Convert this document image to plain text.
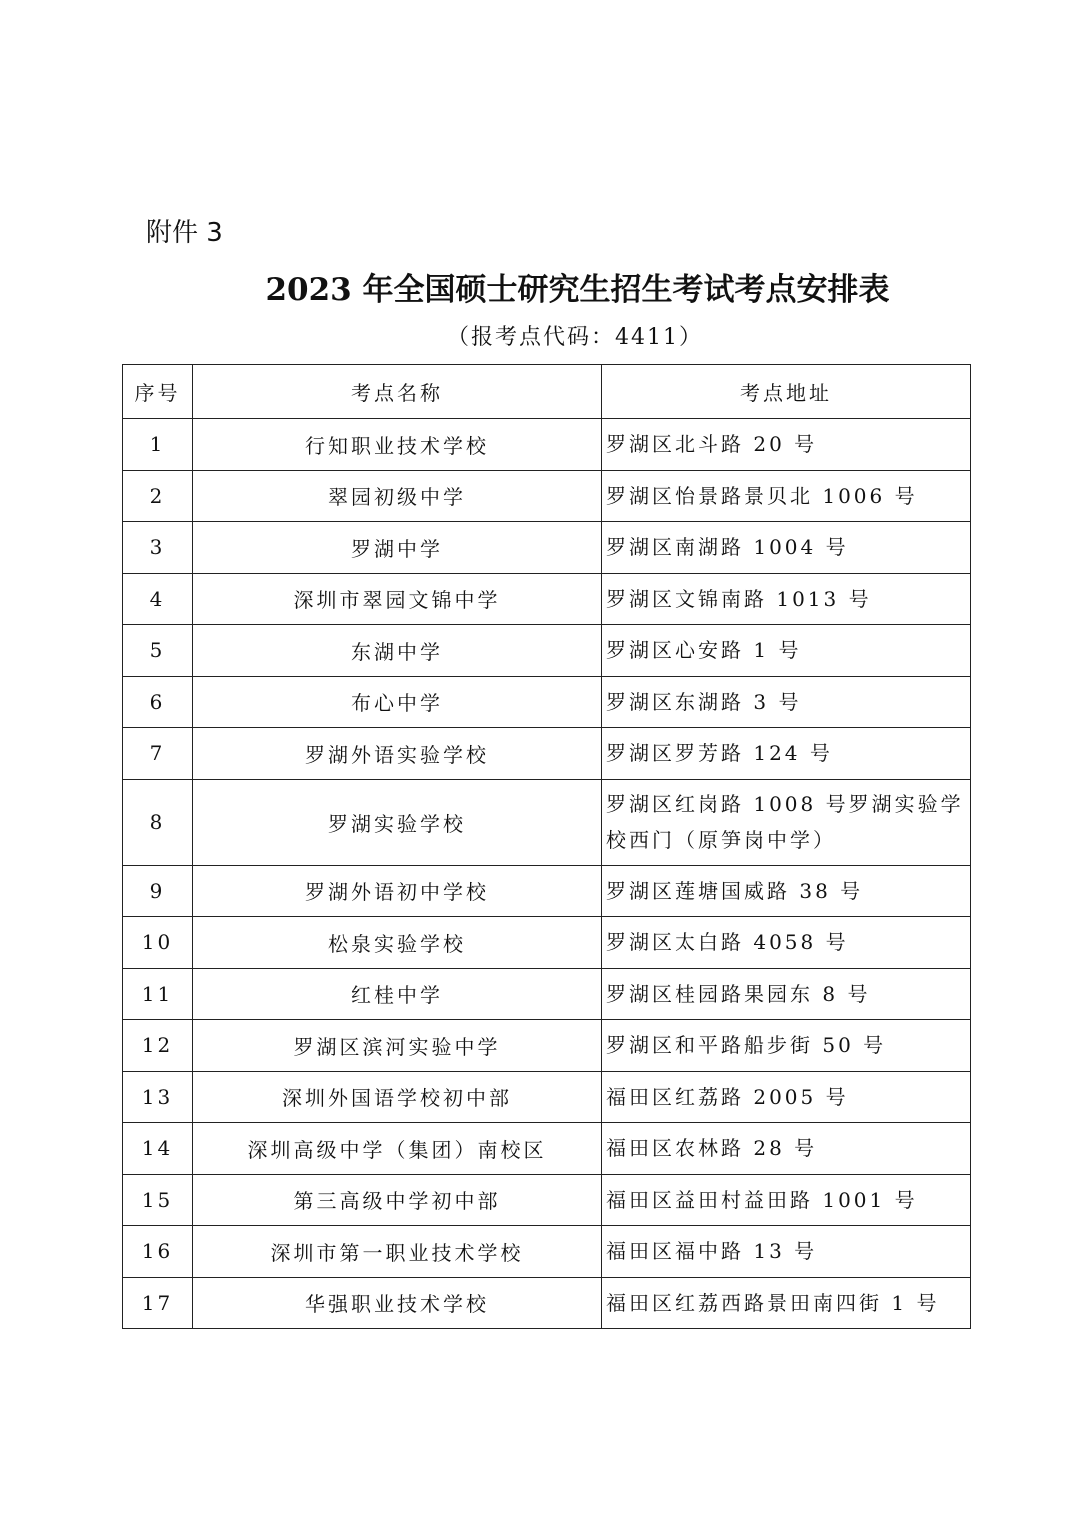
附件 3
2023 年全国硕士研究生招生考试考点安排表
（报考点代码：4411）
序号	考点名称	考点地址
1	行知职业技术学校	罗湖区北斗路 20 号
2	翠园初级中学	罗湖区怡景路景贝北 1006 号
3	罗湖中学	罗湖区南湖路 1004 号
4	深圳市翠园文锦中学	罗湖区文锦南路 1013 号
5	东湖中学	罗湖区心安路 1 号
6	布心中学	罗湖区东湖路 3 号
7	罗湖外语实验学校	罗湖区罗芳路 124 号
8	罗湖实验学校	罗湖区红岗路 1008 号罗湖实验学校西门（原笋岗中学）
9	罗湖外语初中学校	罗湖区莲塘国威路 38 号
10	松泉实验学校	罗湖区太白路 4058 号
11	红桂中学	罗湖区桂园路果园东 8 号
12	罗湖区滨河实验中学	罗湖区和平路船步街 50 号
13	深圳外国语学校初中部	福田区红荔路 2005 号
14	深圳高级中学（集团）南校区	福田区农林路 28 号
15	第三高级中学初中部	福田区益田村益田路 1001 号
16	深圳市第一职业技术学校	福田区福中路 13 号
17	华强职业技术学校	福田区红荔西路景田南四街 1 号
